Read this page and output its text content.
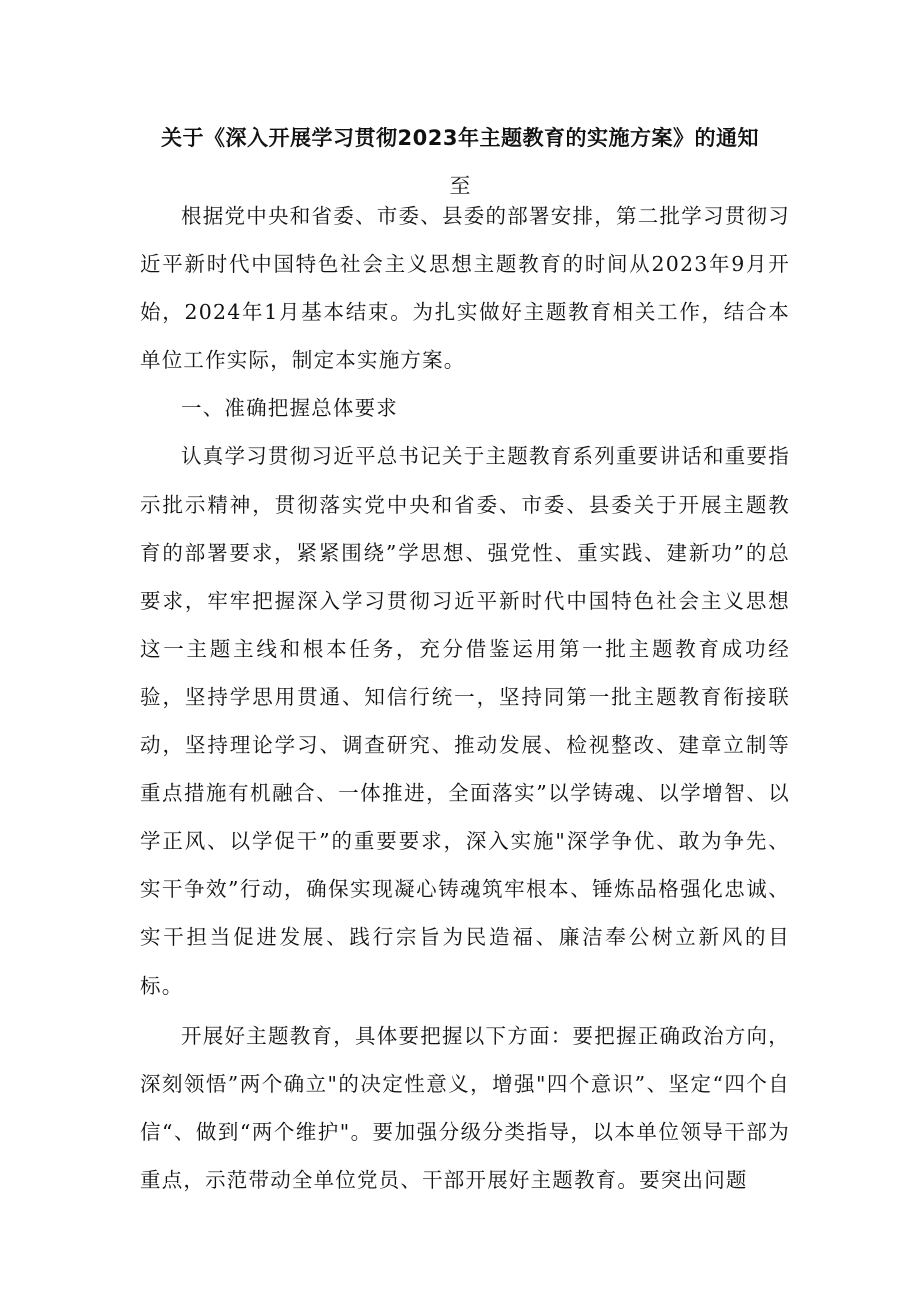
关于《深入开展学习贯彻2023年主题教育的实施方案》的通知
至

根据党中央和省委、市委、县委的部署安排，第二批学习贯彻习近平新时代中国特色社会主义思想主题教育的时间从2023年9月开始，2024年1月基本结束。为扎实做好主题教育相关工作，结合本单位工作实际，制定本实施方案。

一、准确把握总体要求

认真学习贯彻习近平总书记关于主题教育系列重要讲话和重要指示批示精神，贯彻落实党中央和省委、市委、县委关于开展主题教育的部署要求，紧紧围绕”学思想、强党性、重实践、建新功”的总要求，牢牢把握深入学习贯彻习近平新时代中国特色社会主义思想这一主题主线和根本任务，充分借鉴运用第一批主题教育成功经验，坚持学思用贯通、知信行统一，坚持同第一批主题教育衔接联动，坚持理论学习、调查研究、推动发展、检视整改、建章立制等重点措施有机融合、一体推进，全面落实”以学铸魂、以学增智、以学正风、以学促干”的重要要求，深入实施"深学争优、敢为争先、实干争效”行动，确保实现凝心铸魂筑牢根本、锤炼品格强化忠诚、实干担当促进发展、践行宗旨为民造福、廉洁奉公树立新风的目标。

开展好主题教育，具体要把握以下方面：要把握正确政治方向，深刻领悟”两个确立"的决定性意义，增强"四个意识”、坚定“四个自信“、做到“两个维护"。要加强分级分类指导，以本单位领导干部为重点，示范带动全单位党员、干部开展好主题教育。要突出问题
